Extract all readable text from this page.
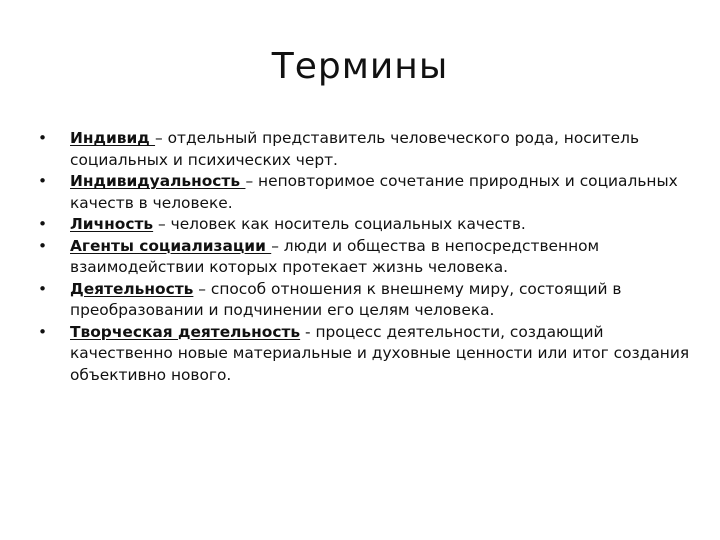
Термины
• Индивид – отдельный представитель человеческого рода, носитель социальных и психических черт.
• Индивидуальность – неповторимое сочетание природных и социальных качеств в человеке.
• Личность – человек как носитель социальных качеств.
• Агенты социализации – люди и общества в непосредственном взаимодействии которых протекает жизнь человека.
• Деятельность – способ отношения к внешнему миру, состоящий в преобразовании и подчинении его целям человека.
• Творческая деятельность - процесс деятельности, создающий качественно новые материальные и духовные ценности или итог создания объективно нового.
